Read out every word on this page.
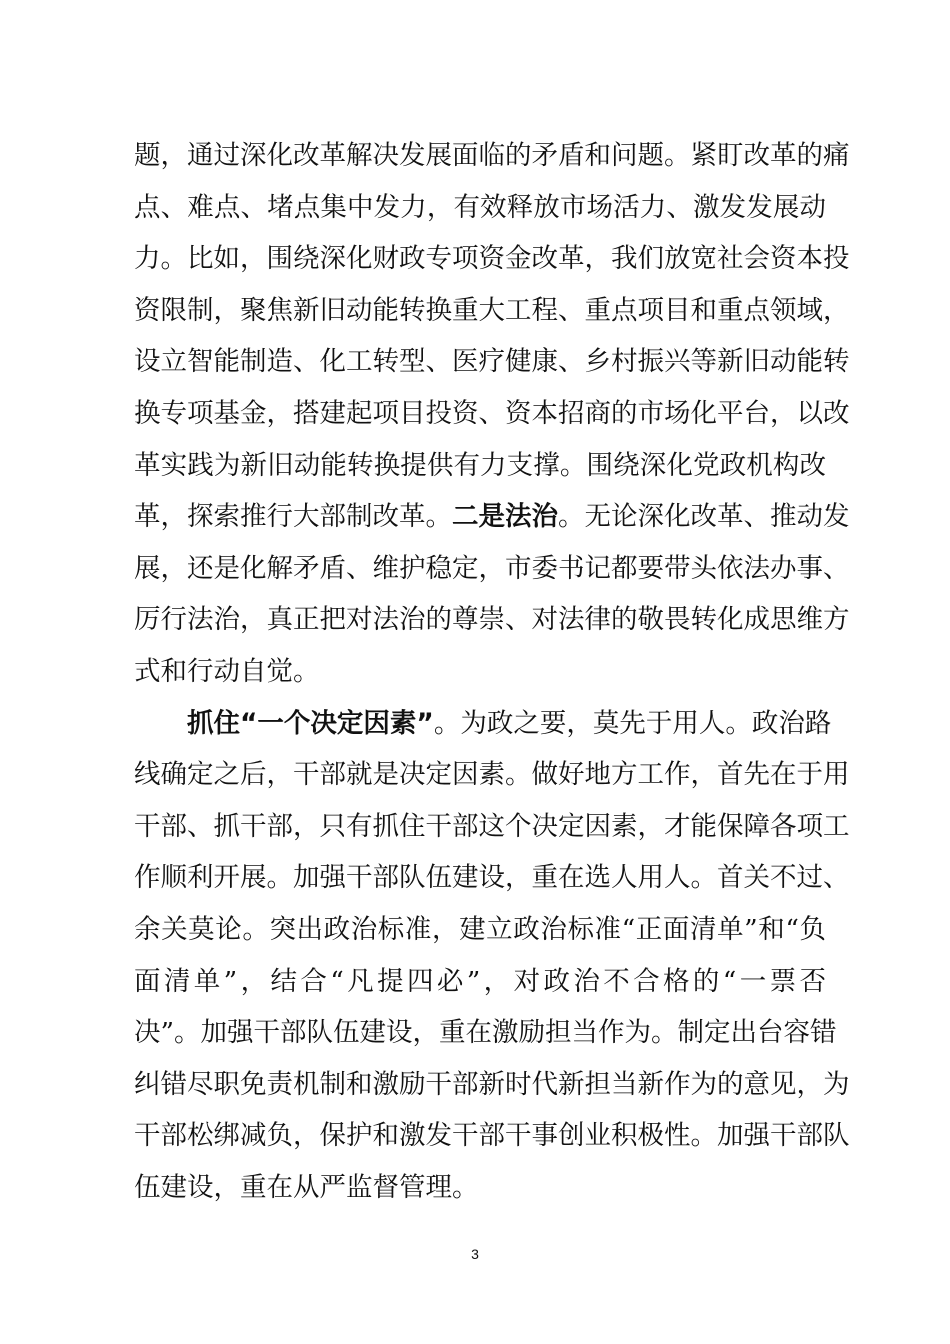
题，通过深化改革解决发展面临的矛盾和问题。紧盯改革的痛
点、难点、堵点集中发力，有效释放市场活力、激发发展动
力。比如，围绕深化财政专项资金改革，我们放宽社会资本投
资限制，聚焦新旧动能转换重大工程、重点项目和重点领域，
设立智能制造、化工转型、医疗健康、乡村振兴等新旧动能转
换专项基金，搭建起项目投资、资本招商的市场化平台，以改
革实践为新旧动能转换提供有力支撑。围绕深化党政机构改
革，探索推行大部制改革。二是法治。无论深化改革、推动发
展，还是化解矛盾、维护稳定，市委书记都要带头依法办事、
厉行法治，真正把对法治的尊崇、对法律的敬畏转化成思维方
式和行动自觉。
抓住“一个决定因素”。为政之要，莫先于用人。政治路
线确定之后，干部就是决定因素。做好地方工作，首先在于用
干部、抓干部，只有抓住干部这个决定因素，才能保障各项工
作顺利开展。加强干部队伍建设，重在选人用人。首关不过、
余关莫论。突出政治标准，建立政治标准“正面清单”和“负
面清单”，结合“凡提四必”，对政治不合格的“一票否
决”。加强干部队伍建设，重在激励担当作为。制定出台容错
纠错尽职免责机制和激励干部新时代新担当新作为的意见，为
干部松绑减负，保护和激发干部干事创业积极性。加强干部队
伍建设，重在从严监督管理。
3
